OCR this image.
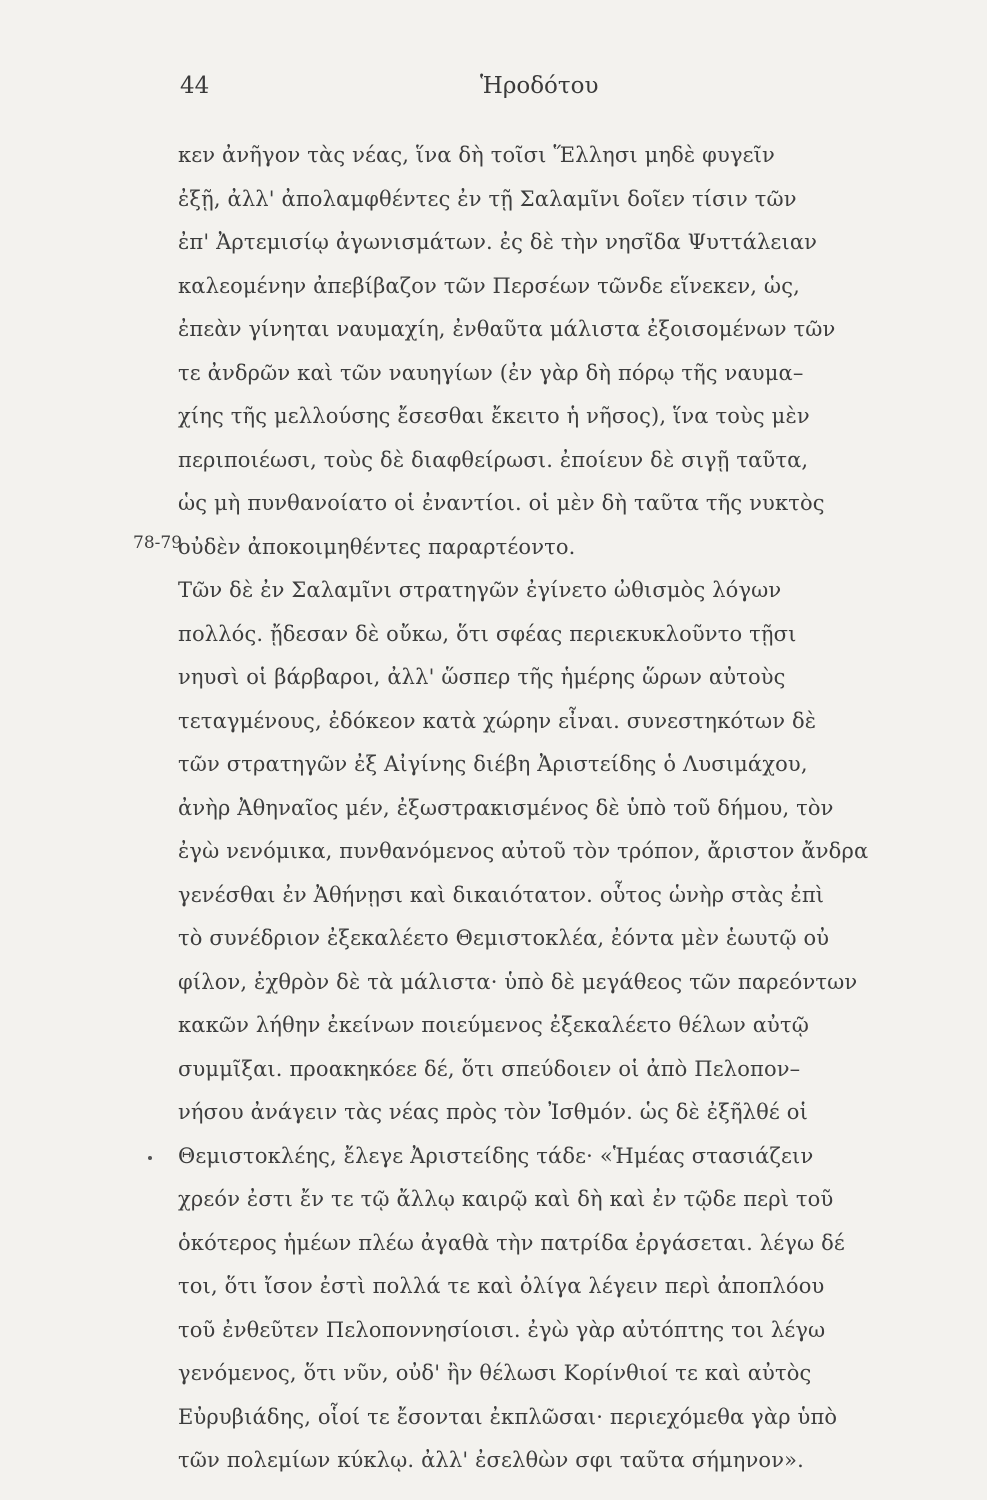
44	Ἡροδότου
78-79
κεν ἀνῆγον τὰς νέας, ἵνα δὴ τοῖσι Ἕλλησι μηδὲ φυγεῖν
ἐξῇ, ἀλλ' ἀπολαμφθέντες ἐν τῇ Σαλαμῖνι δοῖεν τίσιν τῶν
ἐπ' Ἀρτεμισίῳ ἀγωνισμάτων. ἐς δὲ τὴν νησῖδα Ψυττάλειαν
καλεομένην ἀπεβίβαζον τῶν Περσέων τῶνδε εἵνεκεν, ὡς,
ἐπεὰν γίνηται ναυμαχίη, ἐνθαῦτα μάλιστα ἐξοισομένων τῶν
τε ἀνδρῶν καὶ τῶν ναυηγίων (ἐν γὰρ δὴ πόρῳ τῆς ναυμα–
χίης τῆς μελλούσης ἔσεσθαι ἔκειτο ἡ νῆσος), ἵνα τοὺς μὲν
περιποιέωσι, τοὺς δὲ διαφθείρωσι. ἐποίευν δὲ σιγῇ ταῦτα,
ὡς μὴ πυνθανοίατο οἱ ἐναντίοι. οἱ μὲν δὴ ταῦτα τῆς νυκτὸς
οὐδὲν ἀποκοιμηθέντες παραρτέοντο.
Τῶν δὲ ἐν Σαλαμῖνι στρατηγῶν ἐγίνετο ὠθισμὸς λόγων
πολλός. ᾔδεσαν δὲ οὔκω, ὅτι σφέας περιεκυκλοῦντο τῇσι
νηυσὶ οἱ βάρβαροι, ἀλλ' ὥσπερ τῆς ἡμέρης ὥρων αὐτοὺς
τεταγμένους, ἐδόκεον κατὰ χώρην εἶναι. συνεστηκότων δὲ
τῶν στρατηγῶν ἐξ Αἰγίνης διέβη Ἀριστείδης ὁ Λυσιμάχου,
ἀνὴρ Ἀθηναῖος μέν, ἐξωστρακισμένος δὲ ὑπὸ τοῦ δήμου, τὸν
ἐγὼ νενόμικα, πυνθανόμενος αὐτοῦ τὸν τρόπον, ἄριστον ἄνδρα
γενέσθαι ἐν Ἀθήνῃσι καὶ δικαιότατον. οὗτος ὡνὴρ στὰς ἐπὶ
τὸ συνέδριον ἐξεκαλέετο Θεμιστοκλέα, ἐόντα μὲν ἑωυτῷ οὐ
φίλον, ἐχθρὸν δὲ τὰ μάλιστα· ὑπὸ δὲ μεγάθεος τῶν παρεόντων
κακῶν λήθην ἐκείνων ποιεύμενος ἐξεκαλέετο θέλων αὐτῷ
συμμῖξαι. προακηκόεε δέ, ὅτι σπεύδοιεν οἱ ἀπὸ Πελοπον–
νήσου ἀνάγειν τὰς νέας πρὸς τὸν Ἰσθμόν. ὡς δὲ ἐξῆλθέ οἱ
Θεμιστοκλέης, ἔλεγε Ἀριστείδης τάδε· «Ἡμέας στασιάζειν
χρεόν ἐστι ἔν τε τῷ ἄλλῳ καιρῷ καὶ δὴ καὶ ἐν τῷδε περὶ τοῦ
ὁκότερος ἡμέων πλέω ἀγαθὰ τὴν πατρίδα ἐργάσεται. λέγω δέ
τοι, ὅτι ἴσον ἐστὶ πολλά τε καὶ ὀλίγα λέγειν περὶ ἀποπλόου
τοῦ ἐνθεῦτεν Πελοποννησίοισι. ἐγὼ γὰρ αὐτόπτης τοι λέγω
γενόμενος, ὅτι νῦν, οὐδ' ἢν θέλωσι Κορίνθιοί τε καὶ αὐτὸς
Εὐρυβιάδης, οἷοί τε ἔσονται ἐκπλῶσαι· περιεχόμεθα γὰρ ὑπὸ
τῶν πολεμίων κύκλῳ. ἀλλ' ἐσελθὼν σφι ταῦτα σήμηνον».
